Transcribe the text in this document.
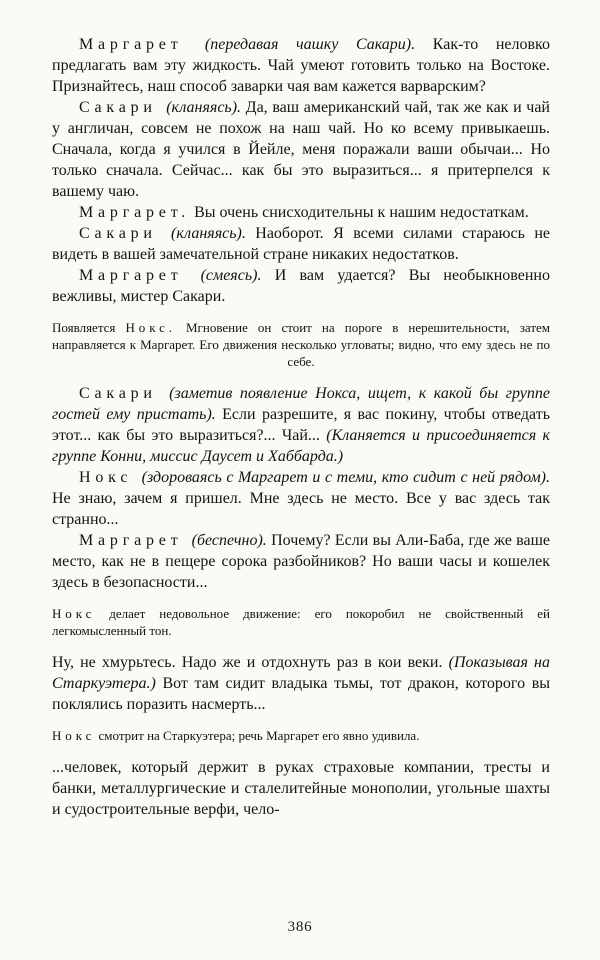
Маргарет (передавая чашку Сакари). Как-то неловко предлагать вам эту жидкость. Чай умеют готовить только на Востоке. Признайтесь, наш способ заварки чая вам кажется варварским?

Сакари (кланяясь). Да, ваш американский чай, так же как и чай у англичан, совсем не похож на наш чай. Но ко всему привыкаешь. Сначала, когда я учился в Йейле, меня поражали ваши обычаи... Но только сначала. Сейчас... как бы это выразиться... я притерпелся к вашему чаю.

Маргарет. Вы очень снисходительны к нашим недостаткам.

Сакари (кланяясь). Наоборот. Я всеми силами стараюсь не видеть в вашей замечательной стране никаких недостатков.

Маргарет (смеясь). И вам удается? Вы необыкновенно вежливы, мистер Сакари.

Появляется Нокс. Мгновение он стоит на пороге в нерешительности, затем направляется к Маргарет. Его движения несколько угловаты; видно, что ему здесь не по себе.

Сакари (заметив появление Нокса, ищет, к какой бы группе гостей ему пристать). Если разрешите, я вас покину, чтобы отведать этот... как бы это выразиться?... Чай... (Кланяется и присоединяется к группе Конни, миссис Даусет и Хаббарда.)

Нокс (здороваясь с Маргарет и с теми, кто сидит с ней рядом). Не знаю, зачем я пришел. Мне здесь не место. Все у вас здесь так странно...

Маргарет (беспечно). Почему? Если вы Али-Баба, где же ваше место, как не в пещере сорока разбойников? Но ваши часы и кошелек здесь в безопасности...

Нокс делает недовольное движение: его покоробил не свойственный ей легкомысленный тон.

Ну, не хмурьтесь. Надо же и отдохнуть раз в кои веки. (Показывая на Старкуэтера.) Вот там сидит владыка тьмы, тот дракон, которого вы поклялись поразить насмерть...

Нокс смотрит на Старкуэтера; речь Маргарет его явно удивила.

...человек, который держит в руках страховые компании, тресты и банки, металлургические и сталелитейные монополии, угольные шахты и судостроительные верфи, чело-

386
